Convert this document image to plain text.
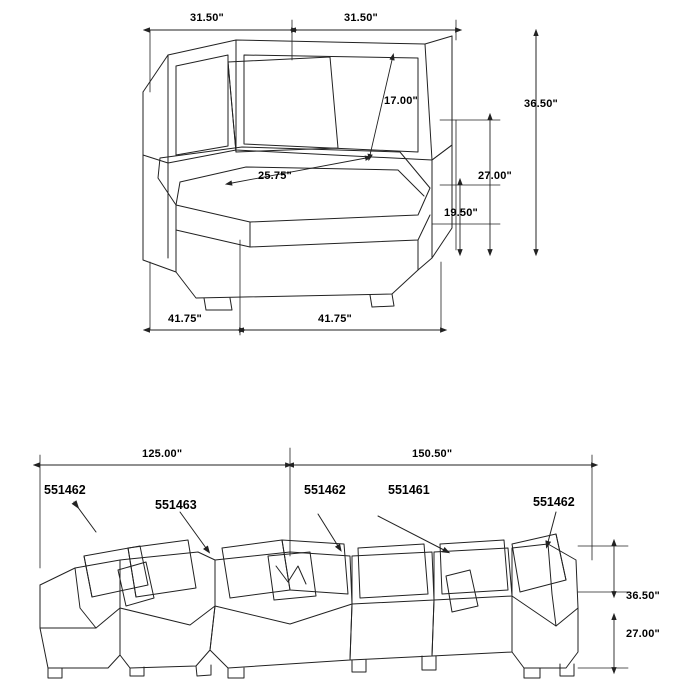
31.50"	31.50"
17.00"	36.50"
25.75"	27.00"
19.50"
41.75"	41.75"
125.00"	150.50"
36.50"
27.00"
551462
551463
551462	551461
551462
